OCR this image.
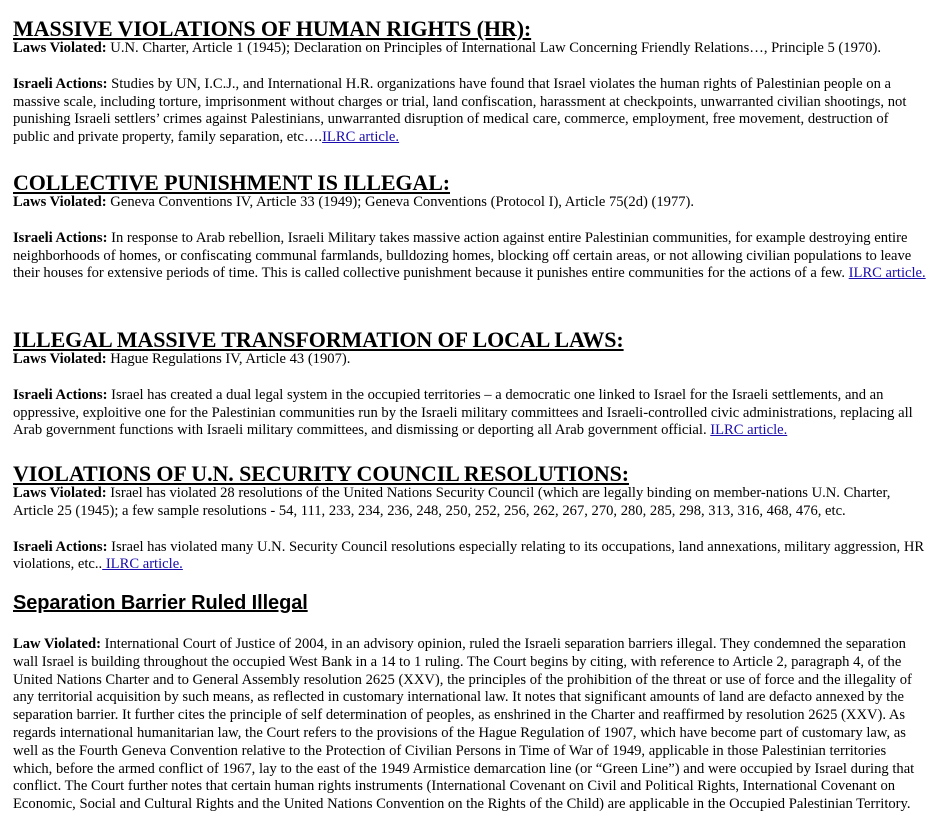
MASSIVE VIOLATIONS OF HUMAN RIGHTS (HR):

Laws Violated: U.N. Charter, Article 1 (1945); Declaration on Principles of International Law Concerning Friendly Relations…, Principle 5 (1970).

Israeli Actions: Studies by UN, I.C.J., and International H.R. organizations have found that Israel violates the human rights of Palestinian people on a massive scale, including torture, imprisonment without charges or trial, land confiscation, harassment at checkpoints, unwarranted civilian shootings, not punishing Israeli settlers’ crimes against Palestinians, unwarranted disruption of medical care, commerce, employment, free movement, destruction of public and private property, family separation, etc….ILRC article.

COLLECTIVE PUNISHMENT IS ILLEGAL:

Laws Violated: Geneva Conventions IV, Article 33 (1949); Geneva Conventions (Protocol I), Article 75(2d) (1977).

Israeli Actions: In response to Arab rebellion, Israeli Military takes massive action against entire Palestinian communities, for example destroying entire neighborhoods of homes, or confiscating communal farmlands, bulldozing homes, blocking off certain areas, or not allowing civilian populations to leave their houses for extensive periods of time. This is called collective punishment because it punishes entire communities for the actions of a few. ILRC article.

ILLEGAL MASSIVE TRANSFORMATION OF LOCAL LAWS:

Laws Violated: Hague Regulations IV, Article 43 (1907).

Israeli Actions: Israel has created a dual legal system in the occupied territories – a democratic one linked to Israel for the Israeli settlements, and an oppressive, exploitive one for the Palestinian communities run by the Israeli military committees and Israeli-controlled civic administrations, replacing all Arab government functions with Israeli military committees, and dismissing or deporting all Arab government official. ILRC article.

VIOLATIONS OF U.N. SECURITY COUNCIL RESOLUTIONS:

Laws Violated: Israel has violated 28 resolutions of the United Nations Security Council (which are legally binding on member-nations U.N. Charter, Article 25 (1945); a few sample resolutions - 54, 111, 233, 234, 236, 248, 250, 252, 256, 262, 267, 270, 280, 285, 298, 313, 316, 468, 476, etc.

Israeli Actions: Israel has violated many U.N. Security Council resolutions especially relating to its occupations, land annexations, military aggression, HR violations, etc.. ILRC article.

Separation Barrier Ruled Illegal

Law Violated: International Court of Justice of 2004, in an advisory opinion, ruled the Israeli separation barriers illegal. They condemned the separation wall Israel is building throughout the occupied West Bank in a 14 to 1 ruling. The Court begins by citing, with reference to Article 2, paragraph 4, of the United Nations Charter and to General Assembly resolution 2625 (XXV), the principles of the prohibition of the threat or use of force and the illegality of any territorial acquisition by such means, as reflected in customary international law. It notes that significant amounts of land are defacto annexed by the separation barrier. It further cites the principle of self determination of peoples, as enshrined in the Charter and reaffirmed by resolution 2625 (XXV). As regards international humanitarian law, the Court refers to the provisions of the Hague Regulation of 1907, which have become part of customary law, as well as the Fourth Geneva Convention relative to the Protection of Civilian Persons in Time of War of 1949, applicable in those Palestinian territories which, before the armed conflict of 1967, lay to the east of the 1949 Armistice demarcation line (or “Green Line”) and were occupied by Israel during that conflict. The Court further notes that certain human rights instruments (International Covenant on Civil and Political Rights, International Covenant on Economic, Social and Cultural Rights and the United Nations Convention on the Rights of the Child) are applicable in the Occupied Palestinian Territory.
